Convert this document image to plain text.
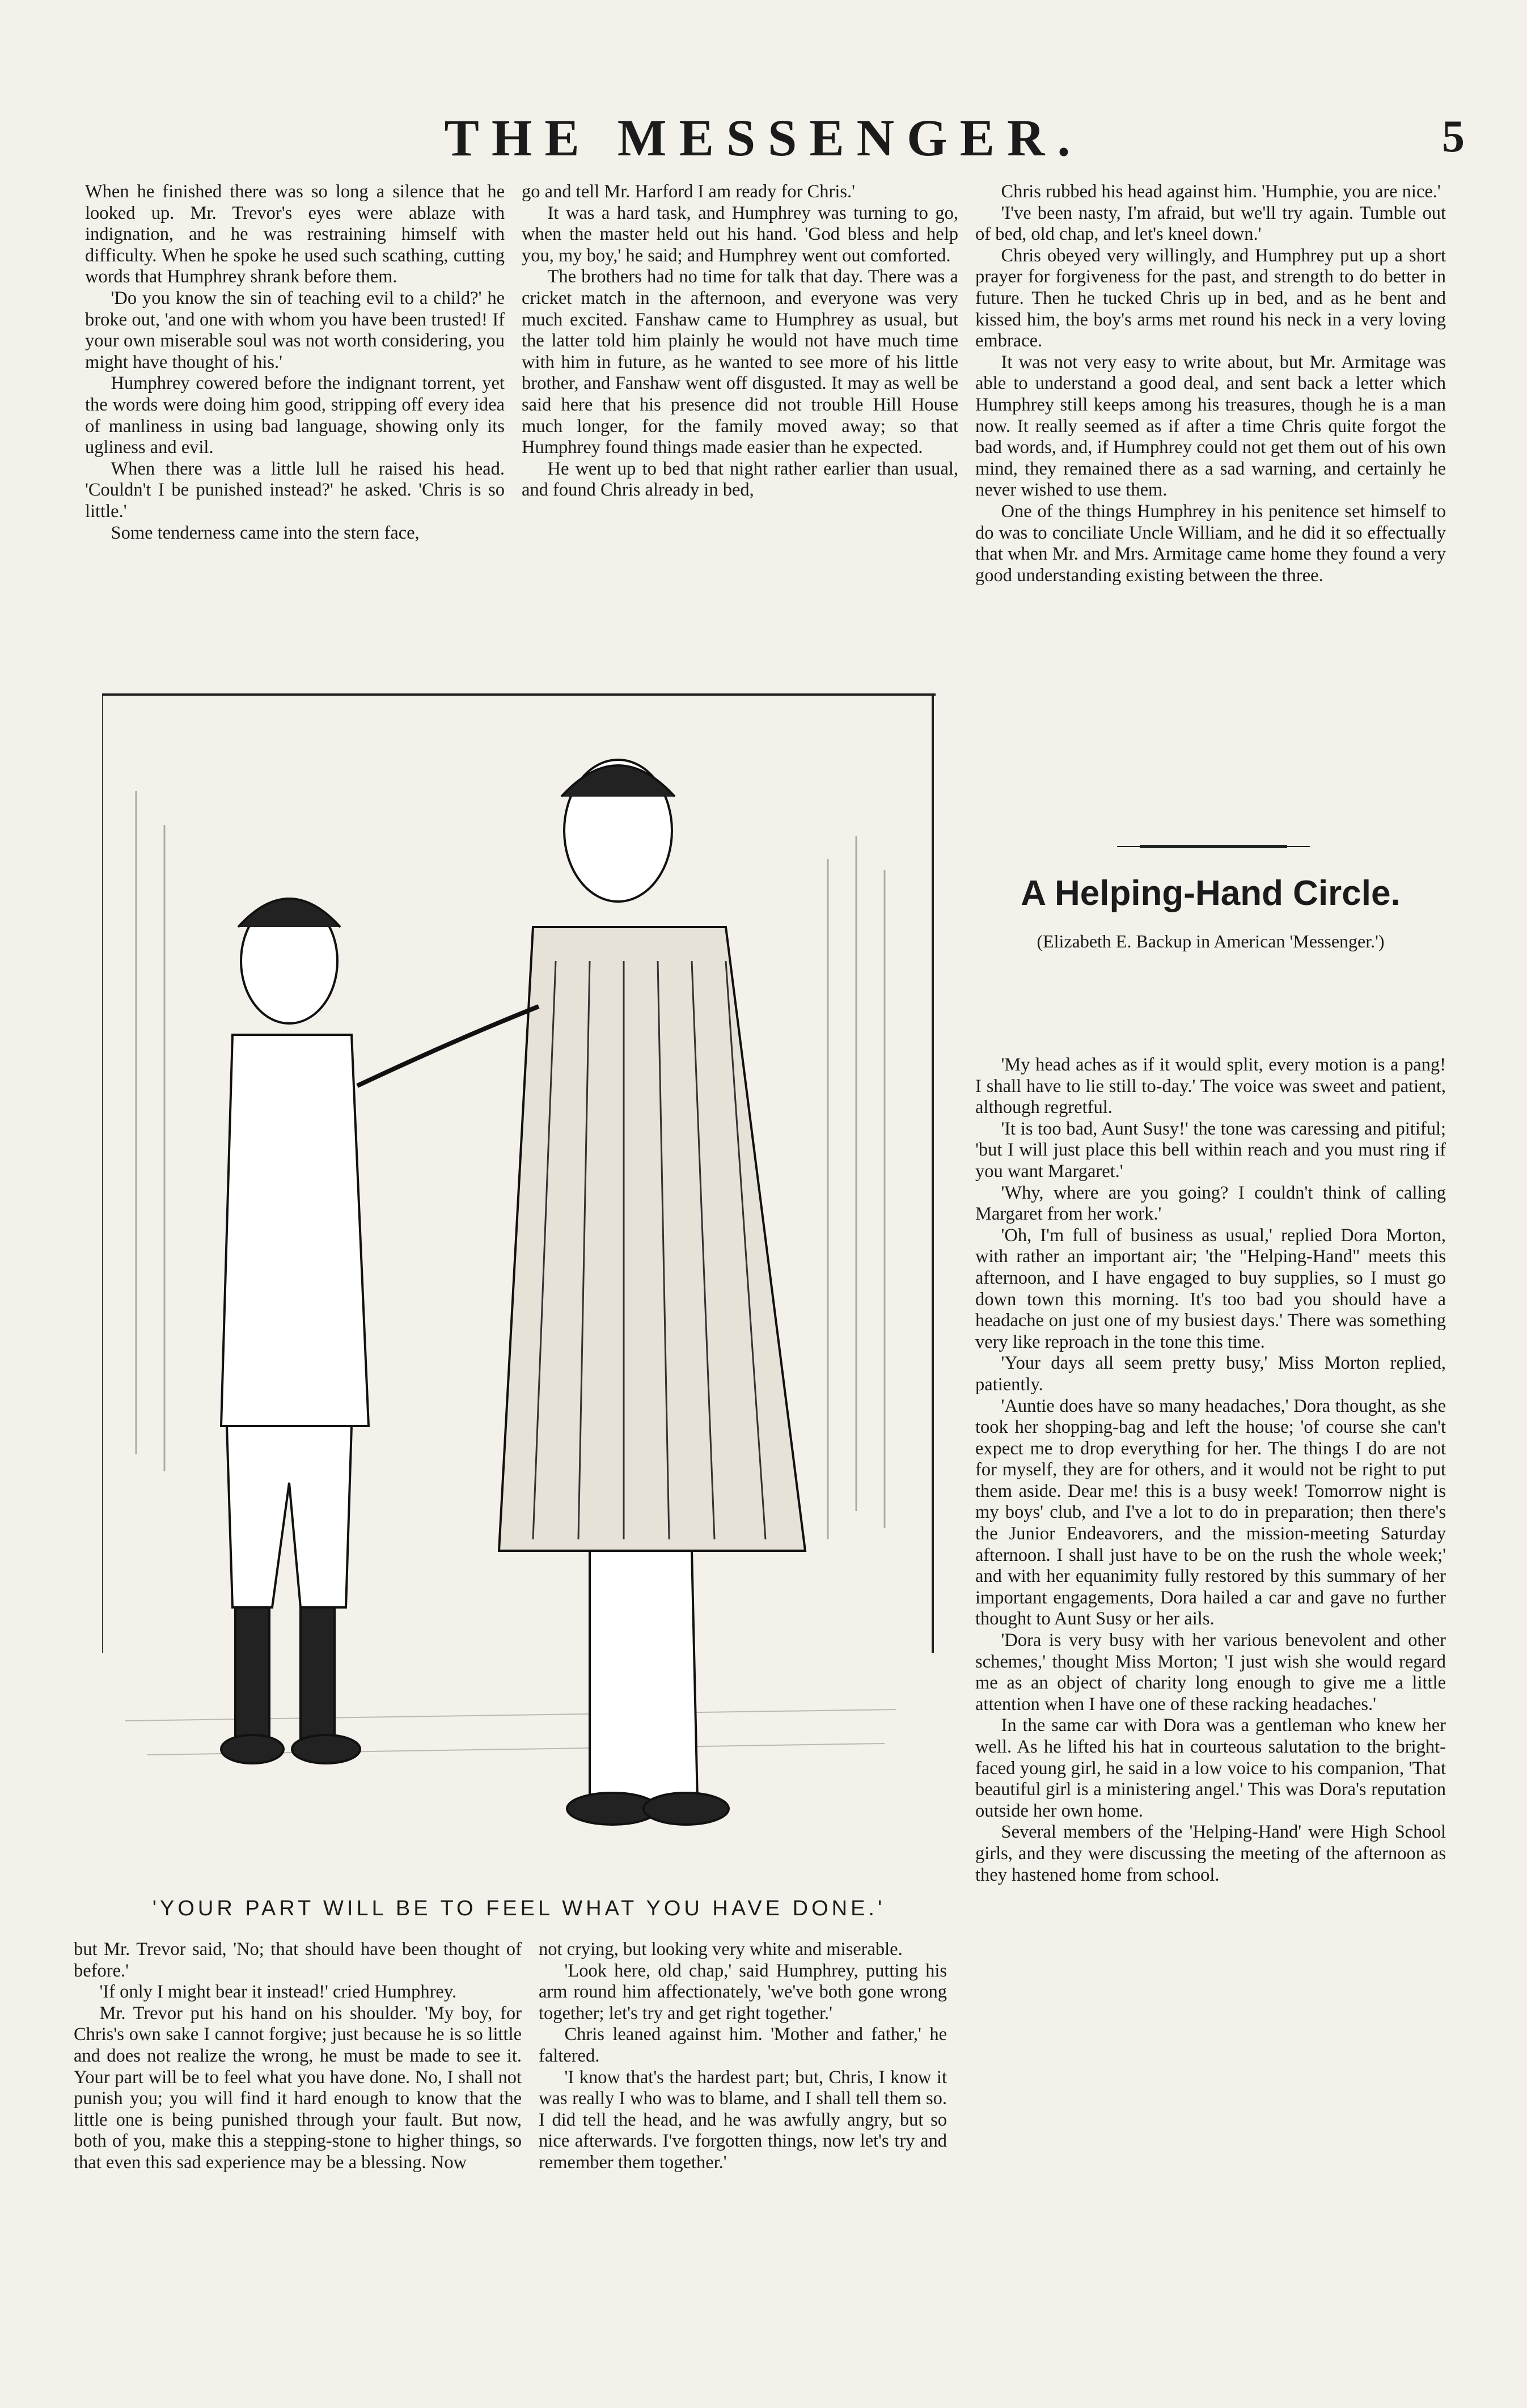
THE MESSENGER.	5

When he finished there was so long a silence that he looked up. Mr. Trevor's eyes were ablaze with indignation, and he was restraining himself with difficulty. When he spoke he used such scathing, cutting words that Humphrey shrank before them.

'Do you know the sin of teaching evil to a child?' he broke out, 'and one with whom you have been trusted! If your own miserable soul was not worth considering, you might have thought of his.'

Humphrey cowered before the indignant torrent, yet the words were doing him good, stripping off every idea of manliness in using bad language, showing only its ugliness and evil.

When there was a little lull he raised his head. 'Couldn't I be punished instead?' he asked. 'Chris is so little.'

Some tenderness came into the stern face,

go and tell Mr. Harford I am ready for Chris.'

It was a hard task, and Humphrey was turning to go, when the master held out his hand. 'God bless and help you, my boy,' he said; and Humphrey went out comforted.

The brothers had no time for talk that day. There was a cricket match in the afternoon, and everyone was very much excited. Fanshaw came to Humphrey as usual, but the latter told him plainly he would not have much time with him in future, as he wanted to see more of his little brother, and Fanshaw went off disgusted. It may as well be said here that his presence did not trouble Hill House much longer, for the family moved away; so that Humphrey found things made easier than he expected.

He went up to bed that night rather earlier than usual, and found Chris already in bed,

Chris rubbed his head against him. 'Humphie, you are nice.'

'I've been nasty, I'm afraid, but we'll try again. Tumble out of bed, old chap, and let's kneel down.'

Chris obeyed very willingly, and Humphrey put up a short prayer for forgiveness for the past, and strength to do better in future. Then he tucked Chris up in bed, and as he bent and kissed him, the boy's arms met round his neck in a very loving embrace.

It was not very easy to write about, but Mr. Armitage was able to understand a good deal, and sent back a letter which Humphrey still keeps among his treasures, though he is a man now. It really seemed as if after a time Chris quite forgot the bad words, and, if Humphrey could not get them out of his own mind, they remained there as a sad warning, and certainly he never wished to use them.

One of the things Humphrey in his penitence set himself to do was to conciliate Uncle William, and he did it so effectually that when Mr. and Mrs. Armitage came home they found a very good understanding existing between the three.

A Helping-Hand Circle.
(Elizabeth E. Backup in American 'Messenger.')

'My head aches as if it would split, every motion is a pang! I shall have to lie still to-day.' The voice was sweet and patient, although regretful.

'It is too bad, Aunt Susy!' the tone was caressing and pitiful; 'but I will just place this bell within reach and you must ring if you want Margaret.'

'Why, where are you going? I couldn't think of calling Margaret from her work.'

'Oh, I'm full of business as usual,' replied Dora Morton, with rather an important air; 'the "Helping-Hand" meets this afternoon, and I have engaged to buy supplies, so I must go down town this morning. It's too bad you should have a headache on just one of my busiest days.' There was something very like reproach in the tone this time.

'Your days all seem pretty busy,' Miss Morton replied, patiently.

'Auntie does have so many headaches,' Dora thought, as she took her shopping-bag and left the house; 'of course she can't expect me to drop everything for her. The things I do are not for myself, they are for others, and it would not be right to put them aside. Dear me! this is a busy week! Tomorrow night is my boys' club, and I've a lot to do in preparation; then there's the Junior Endeavorers, and the mission-meeting Saturday afternoon. I shall just have to be on the rush the whole week;' and with her equanimity fully restored by this summary of her important engagements, Dora hailed a car and gave no further thought to Aunt Susy or her ails.

'Dora is very busy with her various benevolent and other schemes,' thought Miss Morton; 'I just wish she would regard me as an object of charity long enough to give me a little attention when I have one of these racking headaches.'

In the same car with Dora was a gentleman who knew her well. As he lifted his hat in courteous salutation to the bright-faced young girl, he said in a low voice to his companion, 'That beautiful girl is a ministering angel.' This was Dora's reputation outside her own home.

Several members of the 'Helping-Hand' were High School girls, and they were discussing the meeting of the afternoon as they hastened home from school.

'YOUR PART WILL BE TO FEEL WHAT YOU HAVE DONE.'

but Mr. Trevor said, 'No; that should have been thought of before.'

'If only I might bear it instead!' cried Humphrey.

Mr. Trevor put his hand on his shoulder. 'My boy, for Chris's own sake I cannot forgive; just because he is so little and does not realize the wrong, he must be made to see it. Your part will be to feel what you have done. No, I shall not punish you; you will find it hard enough to know that the little one is being punished through your fault. But now, both of you, make this a stepping-stone to higher things, so that even this sad experience may be a blessing. Now

not crying, but looking very white and miserable.

'Look here, old chap,' said Humphrey, putting his arm round him affectionately, 'we've both gone wrong together; let's try and get right together.'

Chris leaned against him. 'Mother and father,' he faltered.

'I know that's the hardest part; but, Chris, I know it was really I who was to blame, and I shall tell them so. I did tell the head, and he was awfully angry, but so nice afterwards. I've forgotten things, now let's try and remember them together.'
